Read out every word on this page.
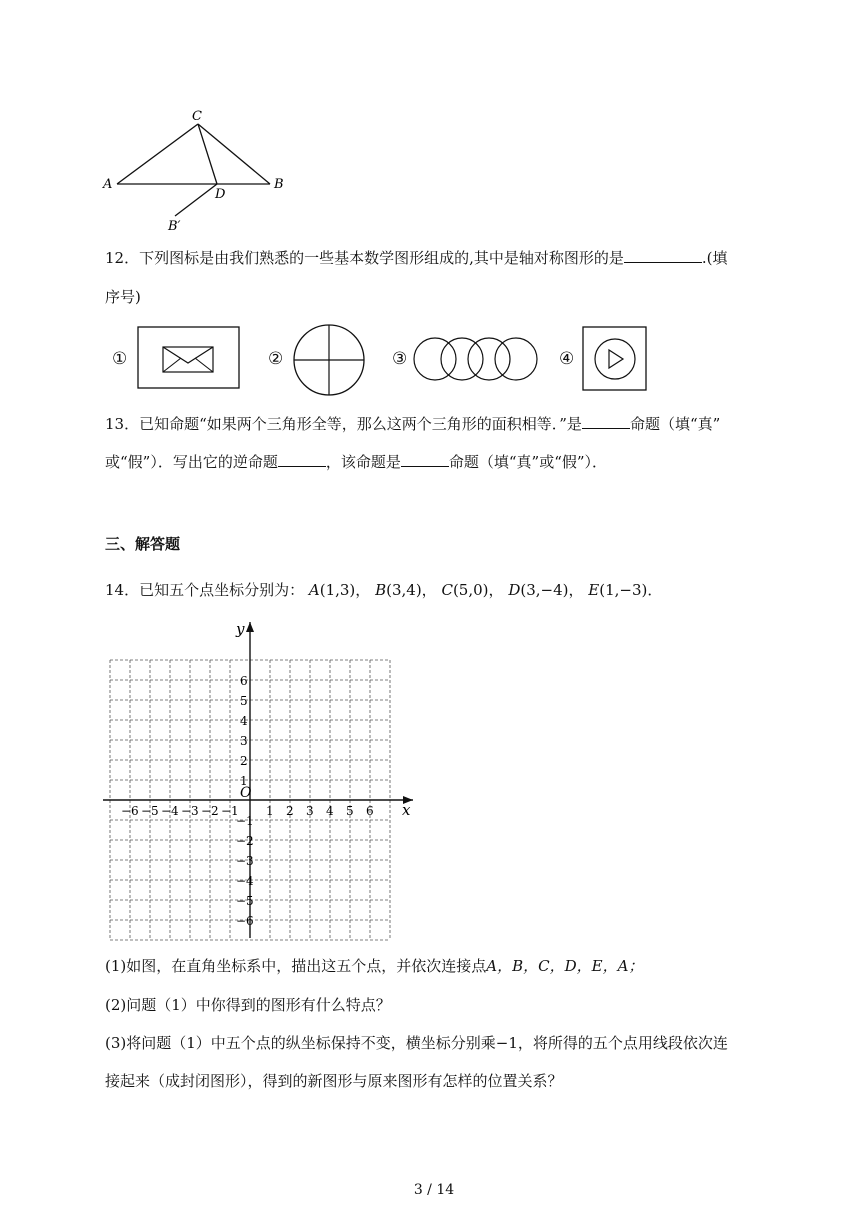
A	B
C
D
B′
12．下列图标是由我们熟悉的一些基本数学图形组成的,其中是轴对称图形的是	.(填
序号)
①	②	③	④
13．已知命题“如果两个三角形全等，那么这两个三角形的面积相等．”是	命题（填“真”
或“假”）．写出它的逆命题	，该命题是	命题（填“真”或“假”）．
三、解答题
14．已知五个点坐标分别为： A(1,3)， B(3,4)， C(5,0)， D(3,−4)， E(1,−3)．
x
y
O
−6 −5 −4 −3 −2 −1 1 2 3 4 5 6
6
5
4
3
2
1
−1
−2
−3
−4
−5
−6
(1)如图，在直角坐标系中，描出这五个点，并依次连接点A，B，C，D，E，A；
(2)问题（1）中你得到的图形有什么特点？
(3)将问题（1）中五个点的纵坐标保持不变，横坐标分别乘−1，将所得的五个点用线段依次连
接起来（成封闭图形），得到的新图形与原来图形有怎样的位置关系？
3 / 14
